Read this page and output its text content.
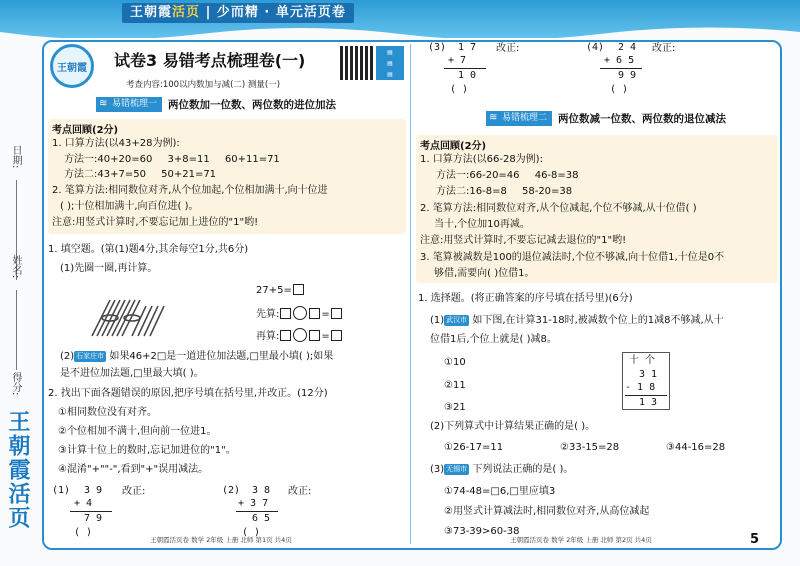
王朝霞活页 | 少而精 · 单元活页卷
日期:
姓名:
得分:
王朝霞活页
王朝霞	试卷3 易错考点梳理卷(一)
考查内容:100以内数加与减(二) 测量(一)
▤
▤
▤
≋ 易错梳理一	两位数加一位数、两位数的进位加法
考点回顾(2分)
1. 口算方法(以43+28为例):
方法一:40+20=60 3+8=11 60+11=71
方法二:43+7=50 50+21=71
2. 笔算方法:相同数位对齐,从个位加起,个位相加满十,向十位进
( );十位相加满十,向百位进( )。
注意:用竖式计算时,不要忘记加上进位的"1"哟!
1. 填空题。(第(1)题4分,其余每空1分,共6分)
(1)先圈一圈,再计算。
27+5=
先算:	=
再算:	=
(2) 石家庄市 如果46+2□是一道进位加法题,□里最小填( );如果
是不进位加法题,□里最大填( )。
2. 找出下面各题错误的原因,把序号填在括号里,并改正。(12分)
①相同数位没有对齐。
②个位相加不满十,但向前一位进1。
③计算十位上的数时,忘记加进位的"1"。
④混淆"+""-",看到"+"误用减法。
(1) 3 9
+ 4
7 9
( )
改正:	(2) 3 8
+ 3 7
6 5
( )
改正:
王朝霞活页卷 数学 2年级 上册 北师 第1页 共4页
(3) 1 7
+ 7
1 0
( )
改正:	(4) 2 4
+ 6 5
9 9
( )
改正:
≋ 易错梳理二	两位数减一位数、两位数的退位减法
考点回顾(2分)
1. 口算方法(以66-28为例):
方法一:66-20=46 46-8=38
方法二:16-8=8 58-20=38
2. 笔算方法:相同数位对齐,从个位减起,个位不够减,从十位借( )
当十,个位加10再减。
注意:用竖式计算时,不要忘记减去退位的"1"哟!
3. 笔算被减数是100的退位减法时,个位不够减,向十位借1,十位是0不
够借,需要向( )位借1。
1. 选择题。(将正确答案的序号填在括号里)(6分)
(1) 武汉市 如下图,在计算31-18时,被减数个位上的1减8不够减,从十
位借1后,个位上就是( )减8。
①10
②11
③21
十 个
3 1
- 1 8
1 3
(2)下列算式中计算结果正确的是( )。
①26-17=11	②33-15=28	③44-16=28
(3) 无锡市 下列说法正确的是( )。
①74-48=□6,□里应填3
②用竖式计算减法时,相同数位对齐,从高位减起
③73-39>60-38
王朝霞活页卷 数学 2年级 上册 北师 第2页 共4页	5
